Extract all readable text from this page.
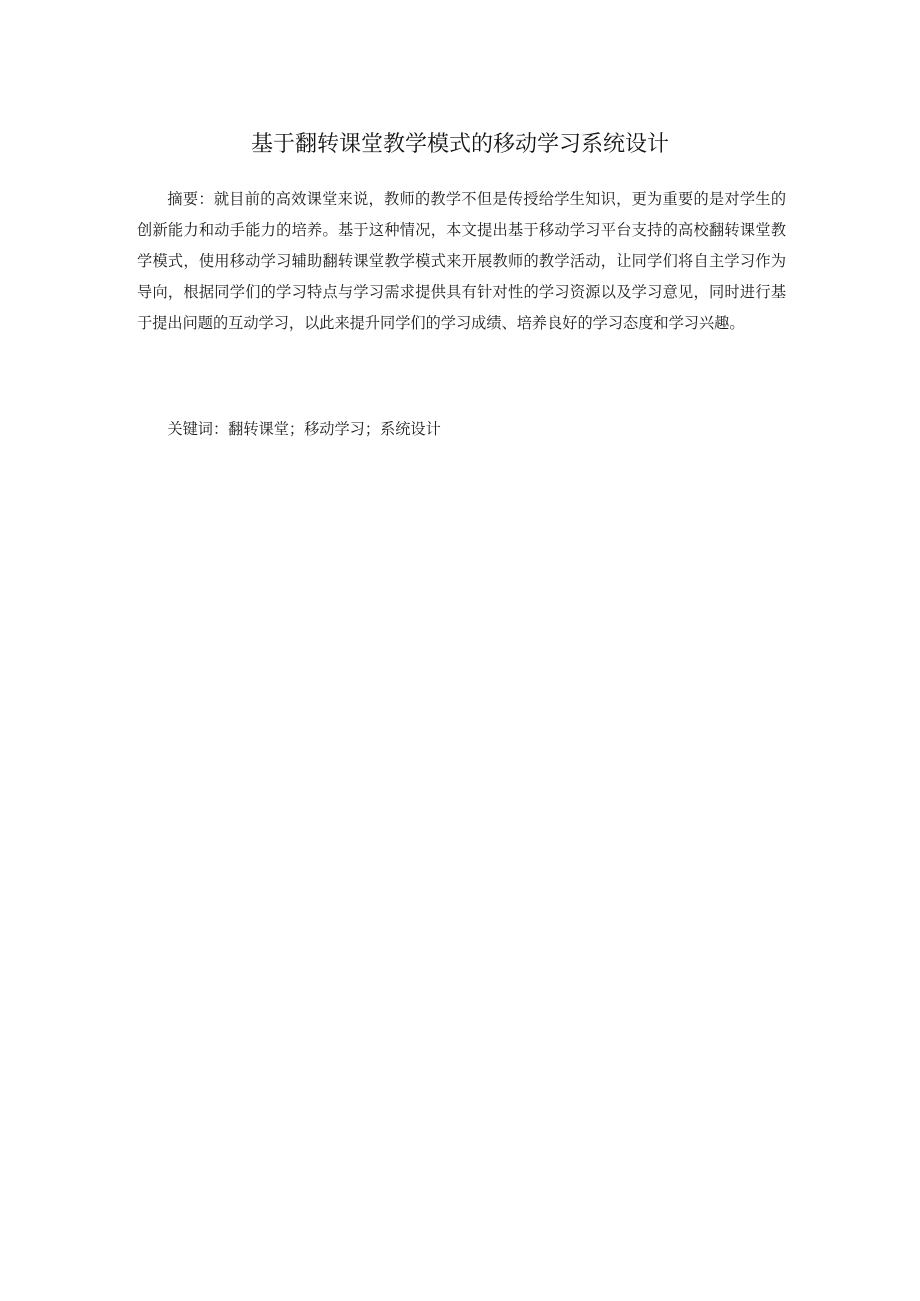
基于翻转课堂教学模式的移动学习系统设计

摘要：就目前的高效课堂来说，教师的教学不但是传授给学生知识，更为重要的是对学生的创新能力和动手能力的培养。基于这种情况，本文提出基于移动学习平台支持的高校翻转课堂教学模式，使用移动学习辅助翻转课堂教学模式来开展教师的教学活动，让同学们将自主学习作为导向，根据同学们的学习特点与学习需求提供具有针对性的学习资源以及学习意见，同时进行基于提出问题的互动学习，以此来提升同学们的学习成绩、培养良好的学习态度和学习兴趣。

关键词：翻转课堂；移动学习；系统设计
